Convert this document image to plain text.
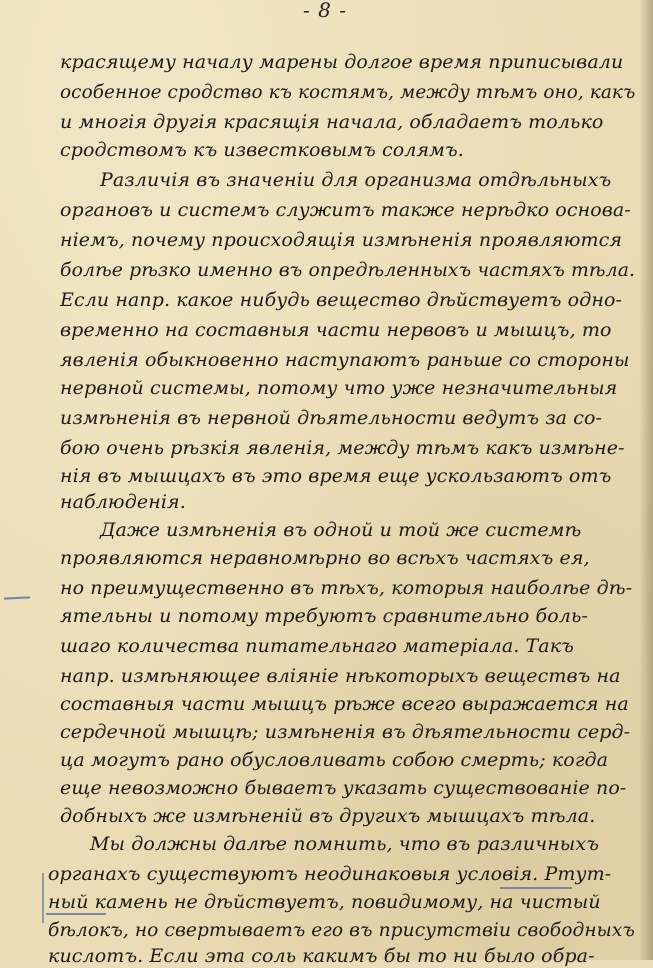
- 8 -
красящему началу марены долгое время приписывали
особенное сродство къ костямъ, между тѣмъ оно, какъ
и многія другія красящія начала, обладаетъ только
сродствомъ къ известковымъ солямъ.
Различія въ значеніи для организма отдѣльныхъ
органовъ и системъ служитъ также нерѣдко основа-
ніемъ, почему происходящія измѣненія проявляются
болѣе рѣзко именно въ опредѣленныхъ частяхъ тѣла.
Если напр. какое нибудь вещество дѣйствуетъ одно-
временно на составныя части нервовъ и мышцъ, то
явленія обыкновенно наступаютъ раньше со стороны
нервной системы, потому что уже незначительныя
измѣненія въ нервной дѣятельности ведутъ за со-
бою очень рѣзкія явленія, между тѣмъ какъ измѣне-
нія въ мышцахъ въ это время еще ускользаютъ отъ
наблюденія.
Даже измѣненія въ одной и той же системѣ
проявляются неравномѣрно во всѣхъ частяхъ ея,
но преимущественно въ тѣхъ, которыя наиболѣе дѣ-
ятельны и потому требуютъ сравнительно боль-
шаго количества питательнаго матеріала. Такъ
напр. измѣняющее вліяніе нѣкоторыхъ веществъ на
составныя части мышцъ рѣже всего выражается на
сердечной мышцѣ; измѣненія въ дѣятельности серд-
ца могутъ рано обусловливать собою смерть; когда
еще невозможно бываетъ указать существованіе по-
добныхъ же измѣненій въ другихъ мышцахъ тѣла.
Мы должны далѣе помнить, что въ различныхъ
органахъ существуютъ неодинаковыя условія. Ртут-
ный камень не дѣйствуетъ, повидимому, на чистый
бѣлокъ, но свертываетъ его въ присутствіи свободныхъ
кислотъ. Если эта соль какимъ бы то ни было обра-
